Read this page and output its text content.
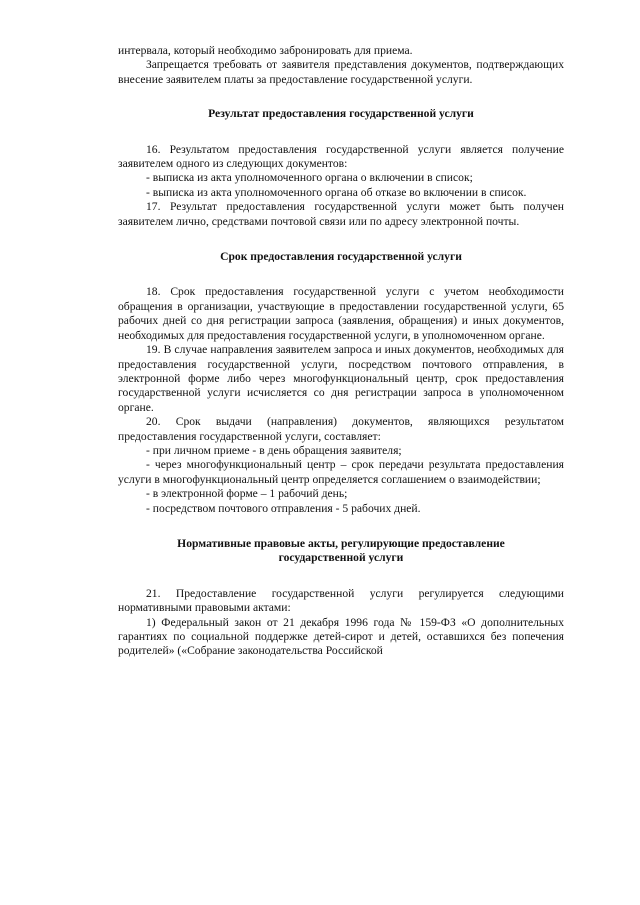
интервала, который необходимо забронировать для приема.

Запрещается требовать от заявителя представления документов, подтверждающих внесение заявителем платы за предоставление государственной услуги.

Результат предоставления государственной услуги

16. Результатом предоставления государственной услуги является получение заявителем одного из следующих документов:

- выписка из акта уполномоченного органа о включении в список;

- выписка из акта уполномоченного органа об отказе во включении в список.

17. Результат предоставления государственной услуги может быть получен заявителем лично, средствами почтовой связи или по адресу электронной почты.

Срок предоставления государственной услуги

18. Срок предоставления государственной услуги с учетом необходимости обращения в организации, участвующие в предоставлении государственной услуги, 65 рабочих дней со дня регистрации запроса (заявления, обращения) и иных документов, необходимых для предоставления государственной услуги, в уполномоченном органе.

19. В случае направления заявителем запроса и иных документов, необходимых для предоставления государственной услуги, посредством почтового отправления, в электронной форме либо через многофункциональный центр, срок предоставления государственной услуги исчисляется со дня регистрации запроса в уполномоченном органе.

20. Срок выдачи (направления) документов, являющихся результатом предоставления государственной услуги, составляет:

- при личном приеме - в день обращения заявителя;

- через многофункциональный центр – срок передачи результата предоставления услуги в многофункциональный центр определяется соглашением о взаимодействии;

- в электронной форме – 1 рабочий день;

- посредством почтового отправления - 5 рабочих дней.

Нормативные правовые акты, регулирующие предоставление

государственной услуги

21. Предоставление государственной услуги регулируется следующими нормативными правовыми актами:

1) Федеральный закон от 21 декабря 1996 года № 159-ФЗ «О дополнительных гарантиях по социальной поддержке детей-сирот и детей, оставшихся без попечения родителей» («Собрание законодательства Российской
